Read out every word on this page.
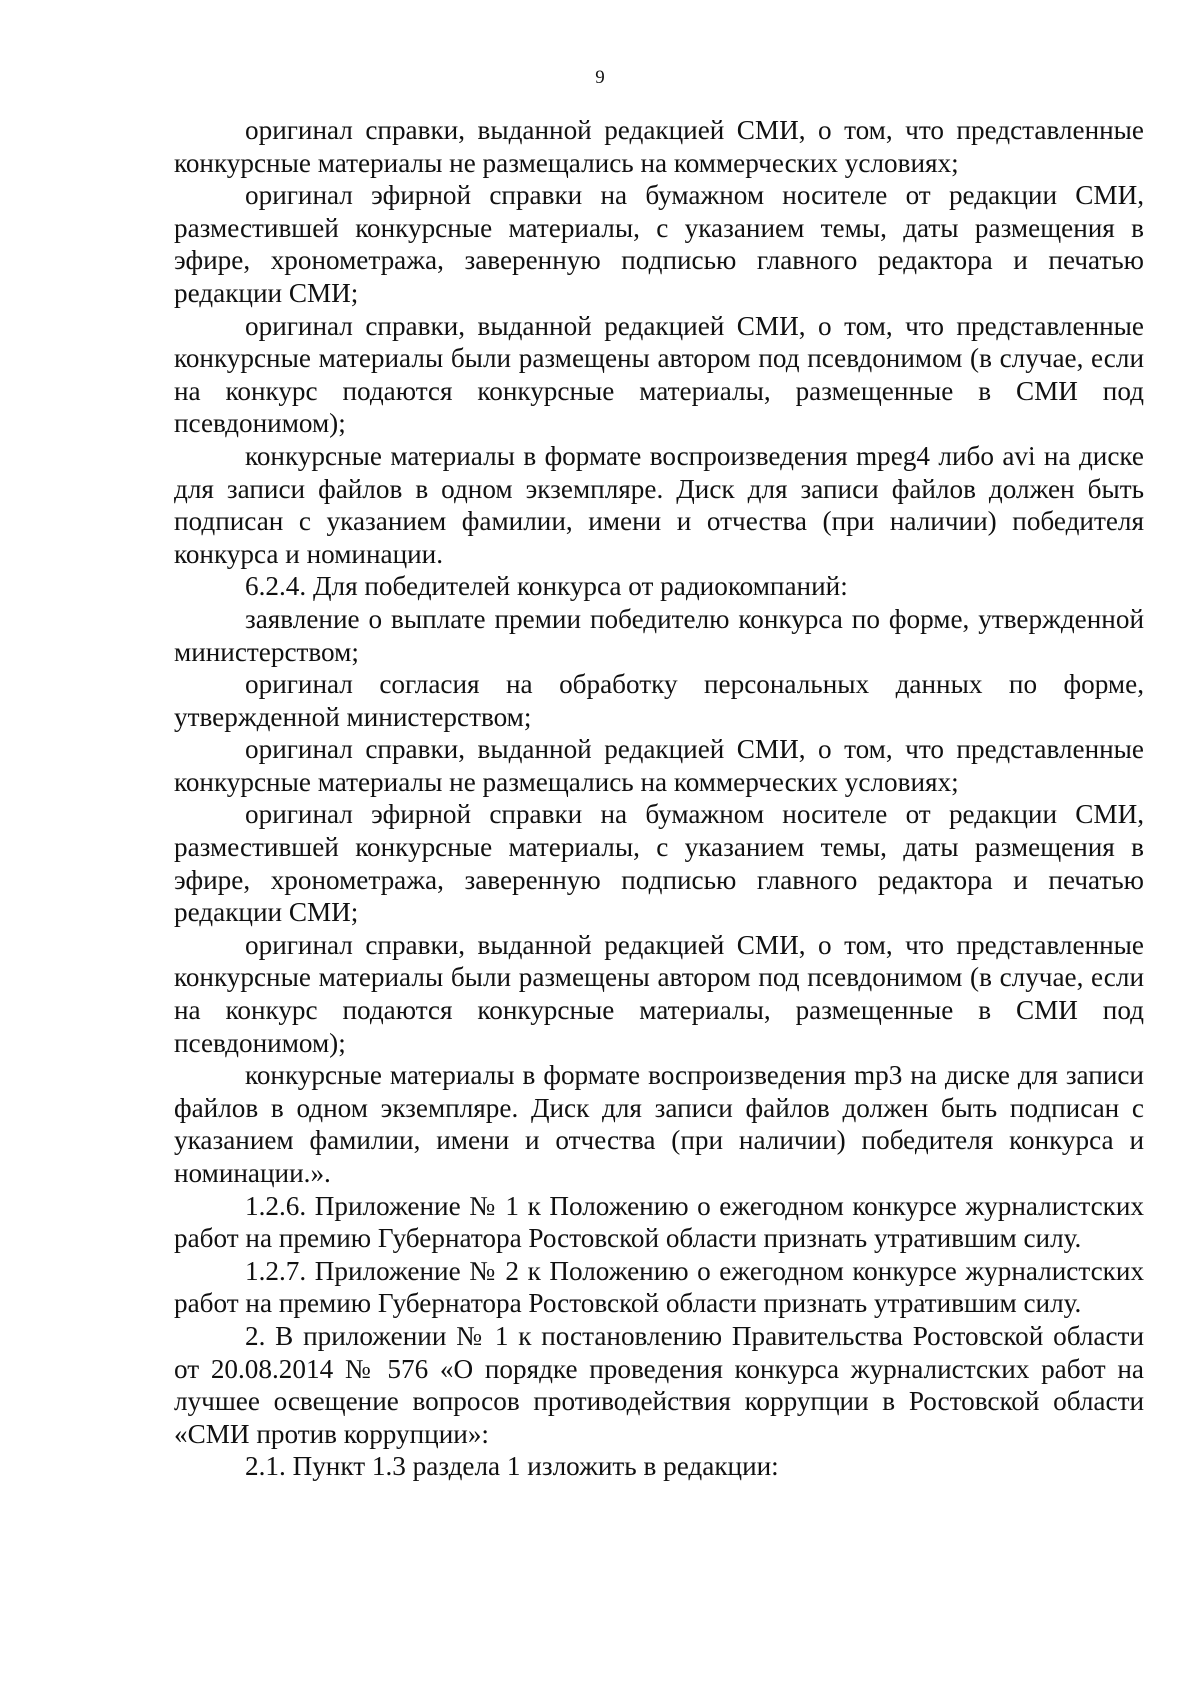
9

оригинал справки, выданной редакцией СМИ, о том, что представленные конкурсные материалы не размещались на коммерческих условиях;

оригинал эфирной справки на бумажном носителе от редакции СМИ, разместившей конкурсные материалы, с указанием темы, даты размещения в эфире, хронометража, заверенную подписью главного редактора и печатью редакции СМИ;

оригинал справки, выданной редакцией СМИ, о том, что представленные конкурсные материалы были размещены автором под псевдонимом (в случае, если на конкурс подаются конкурсные материалы, размещенные в СМИ под псевдонимом);

конкурсные материалы в формате воспроизведения mpeg4 либо avi на диске для записи файлов в одном экземпляре. Диск для записи файлов должен быть подписан с указанием фамилии, имени и отчества (при наличии) победителя конкурса и номинации.

6.2.4. Для победителей конкурса от радиокомпаний:

заявление о выплате премии победителю конкурса по форме, утвержденной министерством;

оригинал согласия на обработку персональных данных по форме, утвержденной министерством;

оригинал справки, выданной редакцией СМИ, о том, что представленные конкурсные материалы не размещались на коммерческих условиях;

оригинал эфирной справки на бумажном носителе от редакции СМИ, разместившей конкурсные материалы, с указанием темы, даты размещения в эфире, хронометража, заверенную подписью главного редактора и печатью редакции СМИ;

оригинал справки, выданной редакцией СМИ, о том, что представленные конкурсные материалы были размещены автором под псевдонимом (в случае, если на конкурс подаются конкурсные материалы, размещенные в СМИ под псевдонимом);

конкурсные материалы в формате воспроизведения mp3 на диске для записи файлов в одном экземпляре. Диск для записи файлов должен быть подписан с указанием фамилии, имени и отчества (при наличии) победителя конкурса и номинации.».

1.2.6. Приложение № 1 к Положению о ежегодном конкурсе журналистских работ на премию Губернатора Ростовской области признать утратившим силу.

1.2.7. Приложение № 2 к Положению о ежегодном конкурсе журналистских работ на премию Губернатора Ростовской области признать утратившим силу.

2. В приложении № 1 к постановлению Правительства Ростовской области от 20.08.2014 № 576 «О порядке проведения конкурса журналистских работ на лучшее освещение вопросов противодействия коррупции в Ростовской области «СМИ против коррупции»:

2.1. Пункт 1.3 раздела 1 изложить в редакции:
